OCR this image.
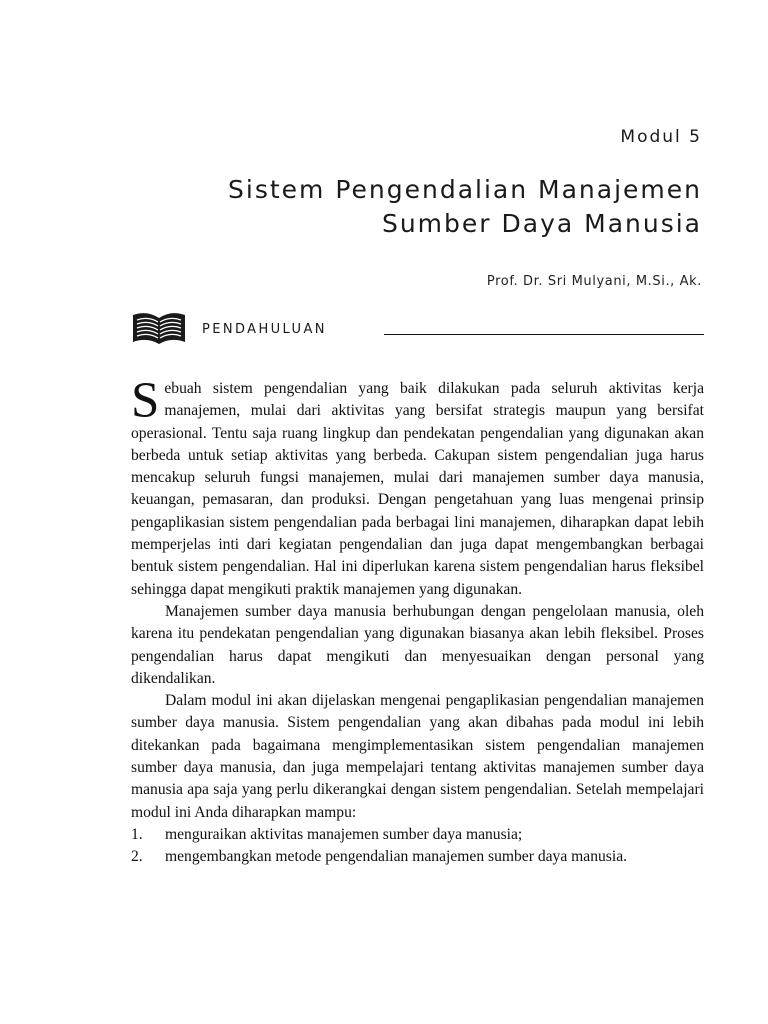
Modul 5
Sistem Pengendalian Manajemen
Sumber Daya Manusia
Prof. Dr. Sri Mulyani, M.Si., Ak.
PENDAHULUAN

Sebuah sistem pengendalian yang baik dilakukan pada seluruh aktivitas kerja manajemen, mulai dari aktivitas yang bersifat strategis maupun yang bersifat operasional. Tentu saja ruang lingkup dan pendekatan pengendalian yang digunakan akan berbeda untuk setiap aktivitas yang berbeda. Cakupan sistem pengendalian juga harus mencakup seluruh fungsi manajemen, mulai dari manajemen sumber daya manusia, keuangan, pemasaran, dan produksi. Dengan pengetahuan yang luas mengenai prinsip pengaplikasian sistem pengendalian pada berbagai lini manajemen, diharapkan dapat lebih memperjelas inti dari kegiatan pengendalian dan juga dapat mengembangkan berbagai bentuk sistem pengendalian. Hal ini diperlukan karena sistem pengendalian harus fleksibel sehingga dapat mengikuti praktik manajemen yang digunakan.

Manajemen sumber daya manusia berhubungan dengan pengelolaan manusia, oleh karena itu pendekatan pengendalian yang digunakan biasanya akan lebih fleksibel. Proses pengendalian harus dapat mengikuti dan menyesuaikan dengan personal yang dikendalikan.

Dalam modul ini akan dijelaskan mengenai pengaplikasian pengendalian manajemen sumber daya manusia. Sistem pengendalian yang akan dibahas pada modul ini lebih ditekankan pada bagaimana mengimplementasikan sistem pengendalian manajemen sumber daya manusia, dan juga mempelajari tentang aktivitas manajemen sumber daya manusia apa saja yang perlu dikerangkai dengan sistem pengendalian. Setelah mempelajari modul ini Anda diharapkan mampu:

1. menguraikan aktivitas manajemen sumber daya manusia;
2. mengembangkan metode pengendalian manajemen sumber daya manusia.
